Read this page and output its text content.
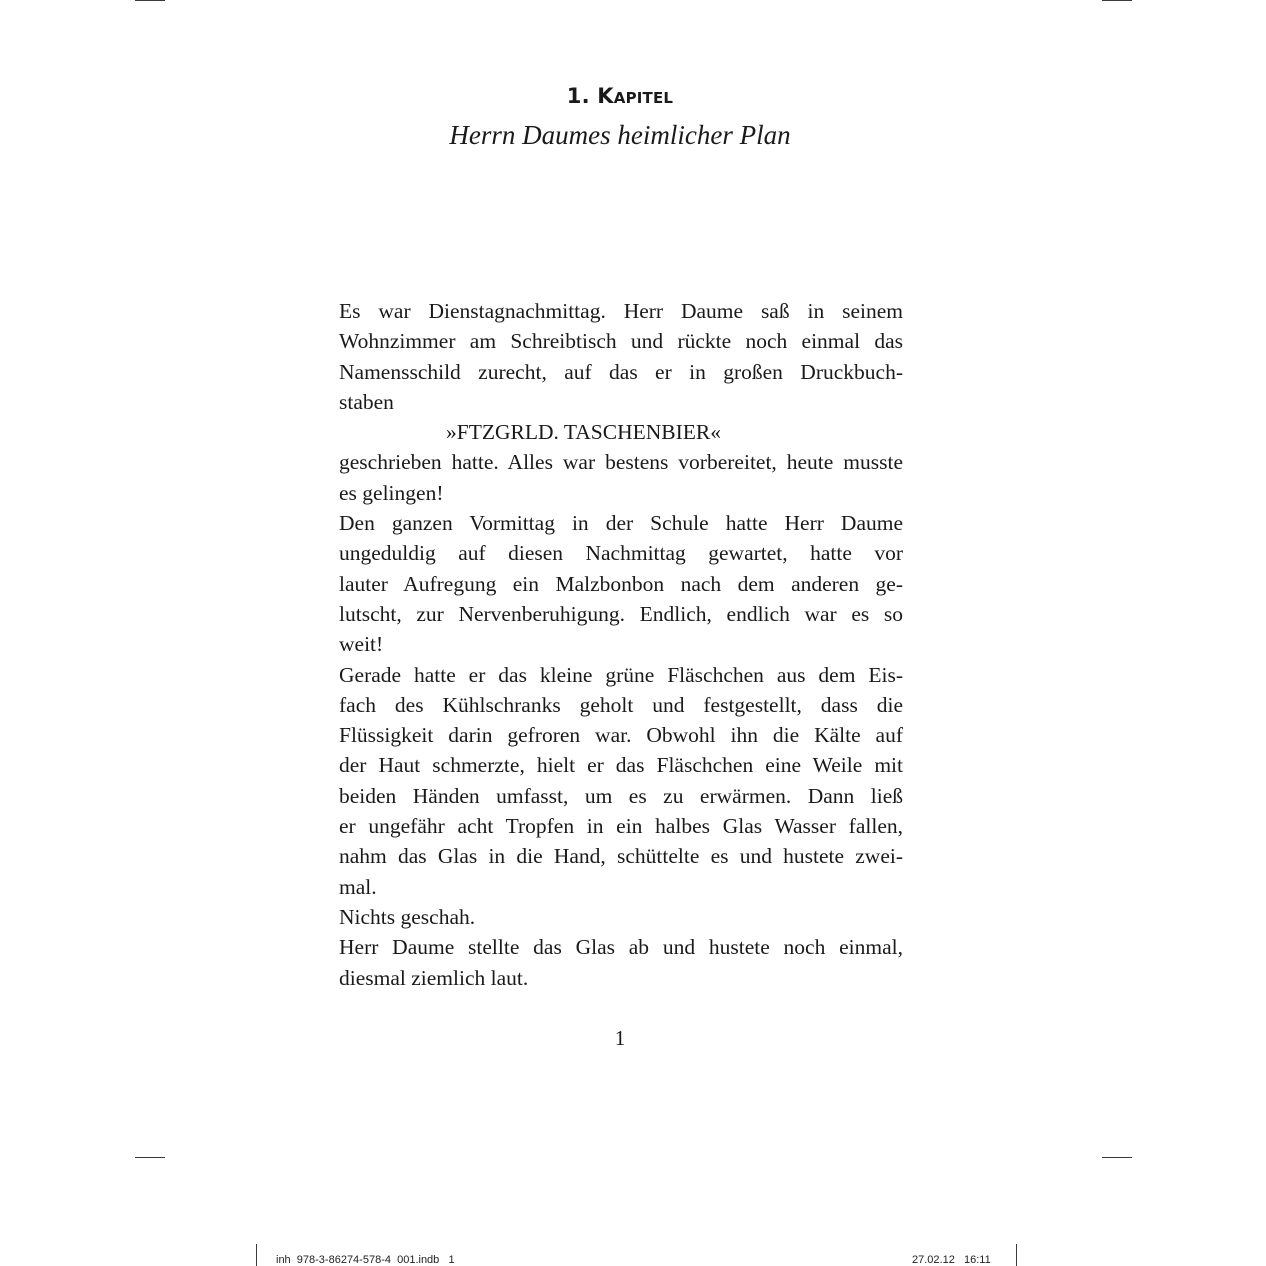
1. Kapitel
Herrn Daumes heimlicher Plan
Es war Dienstagnachmittag. Herr Daume saß in seinem
Wohnzimmer am Schreibtisch und rückte noch einmal das
Namensschild zurecht, auf das er in großen Druckbuch-
staben
»FTZGRLD. TASCHENBIER«
geschrieben hatte. Alles war bestens vorbereitet, heute musste
es gelingen!
Den ganzen Vormittag in der Schule hatte Herr Daume
ungeduldig auf diesen Nachmittag gewartet, hatte vor
lauter Aufregung ein Malzbonbon nach dem anderen ge-
lutscht, zur Nervenberuhigung. Endlich, endlich war es so
weit!
Gerade hatte er das kleine grüne Fläschchen aus dem Eis-
fach des Kühlschranks geholt und festgestellt, dass die
Flüssigkeit darin gefroren war. Obwohl ihn die Kälte auf
der Haut schmerzte, hielt er das Fläschchen eine Weile mit
beiden Händen umfasst, um es zu erwärmen. Dann ließ
er ungefähr acht Tropfen in ein halbes Glas Wasser fallen,
nahm das Glas in die Hand, schüttelte es und hustete zwei-
mal.
Nichts geschah.
Herr Daume stellte das Glas ab und hustete noch einmal,
diesmal ziemlich laut.
1
inh  978-3-86274-578-4  001.indb   1	27.02.12   16:11
